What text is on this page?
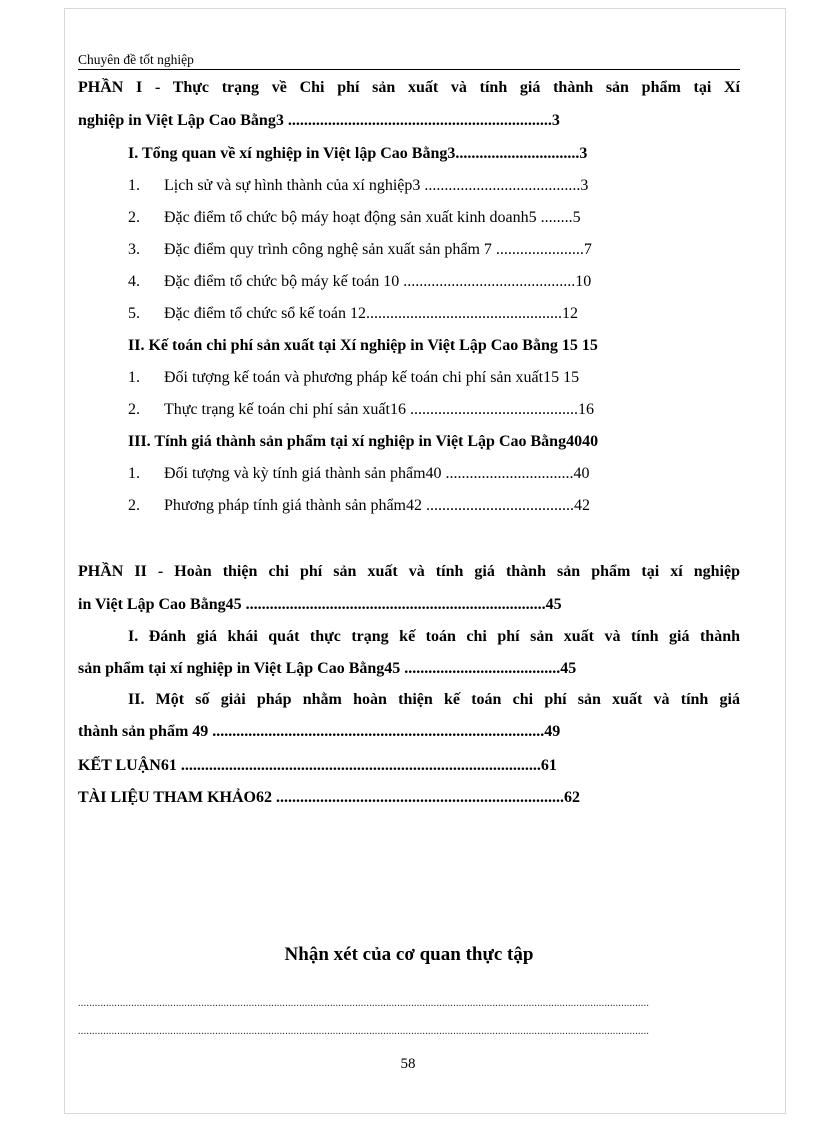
Chuyên đề tốt nghiệp
PHẦN I - Thực trạng về Chi phí sản xuất và tính giá thành sản phẩm tại Xí
nghiệp in Việt Lập Cao Bằng3 ..................................................................3
I. Tổng quan về xí nghiệp in Việt lập Cao Bằng3...............................3
1. Lịch sử và sự hình thành của xí nghiệp3 .......................................3
2. Đặc điểm tổ chức bộ máy hoạt động sản xuất kinh doanh5 ........5
3. Đặc điểm quy trình công nghệ sản xuất sản phẩm 7 ......................7
4. Đặc điểm tổ chức bộ máy kế toán 10 ...........................................10
5. Đặc điểm tổ chức sổ kế toán 12.................................................12
II. Kế toán chi phí sản xuất tại Xí nghiệp in Việt Lập Cao Bằng 15 15
1. Đối tượng kế toán và phương pháp kế toán chi phí sản xuất15 15
2. Thực trạng kế toán chi phí sản xuất16 ..........................................16
III. Tính giá thành sản phẩm tại xí nghiệp in Việt Lập Cao Bằng4040
1. Đối tượng và kỳ tính giá thành sản phẩm40 ................................40
2. Phương pháp tính giá thành sản phẩm42 .....................................42
PHẦN II - Hoàn thiện chi phí sản xuất và tính giá thành sản phẩm tại xí nghiệp
in Việt Lập Cao Bằng45 ...........................................................................45
I. Đánh giá khái quát thực trạng kế toán chi phí sản xuất và tính giá thành
sản phẩm tại xí nghiệp in Việt Lập Cao Bằng45 .......................................45
II. Một số giải pháp nhằm hoàn thiện kế toán chi phí sản xuất và tính giá
thành sản phẩm 49 ...................................................................................49
KẾT LUẬN61 ..........................................................................................61
TÀI LIỆU THAM KHẢO62 ........................................................................62
Nhận xét của cơ quan thực tập
............................................................................................................................................................................................................
............................................................................................................................................................................................................
58
